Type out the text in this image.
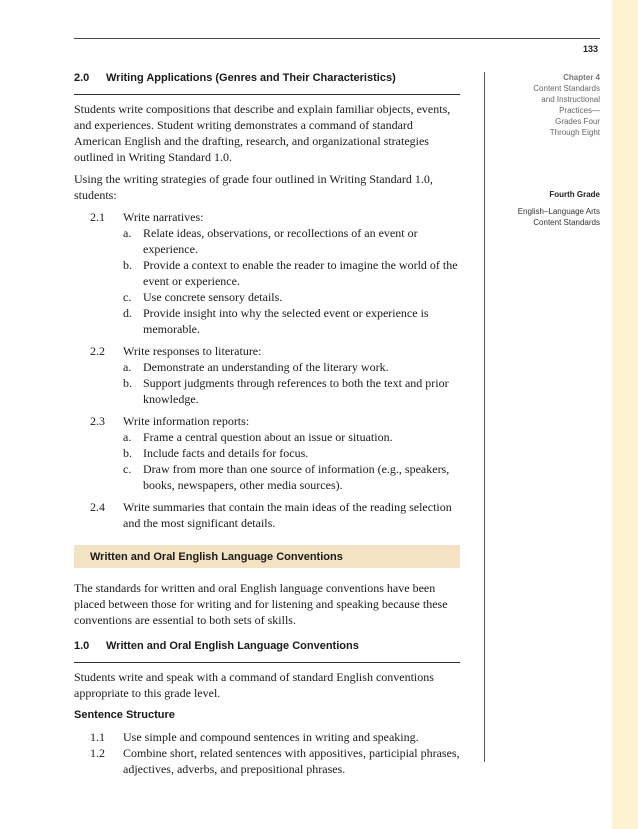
133
Chapter 4
Content Standards
and Instructional
Practices—
Grades Four
Through Eight
Fourth Grade
English–Language Arts
Content Standards
2.0 Writing Applications (Genres and Their Characteristics)

Students write compositions that describe and explain familiar objects, events, and experiences. Student writing demonstrates a command of standard American English and the drafting, research, and organizational strategies outlined in Writing Standard 1.0.

Using the writing strategies of grade four outlined in Writing Standard 1.0, students:

2.1	Write narratives:
a. Relate ideas, observations, or recollections of an event or experience.
b. Provide a context to enable the reader to imagine the world of the event or experience.
c. Use concrete sensory details.
d. Provide insight into why the selected event or experience is memorable.
2.2	Write responses to literature:
a. Demonstrate an understanding of the literary work.
b. Support judgments through references to both the text and prior knowledge.
2.3	Write information reports:
a. Frame a central question about an issue or situation.
b. Include facts and details for focus.
c. Draw from more than one source of information (e.g., speakers, books, newspapers, other media sources).
2.4	Write summaries that contain the main ideas of the reading selection and the most significant details.
Written and Oral English Language Conventions

The standards for written and oral English language conventions have been placed between those for writing and for listening and speaking because these conventions are essential to both sets of skills.

1.0 Written and Oral English Language Conventions

Students write and speak with a command of standard English conventions appropriate to this grade level.

Sentence Structure
1.1	Use simple and compound sentences in writing and speaking.
1.2	Combine short, related sentences with appositives, participial phrases, adjectives, adverbs, and prepositional phrases.
